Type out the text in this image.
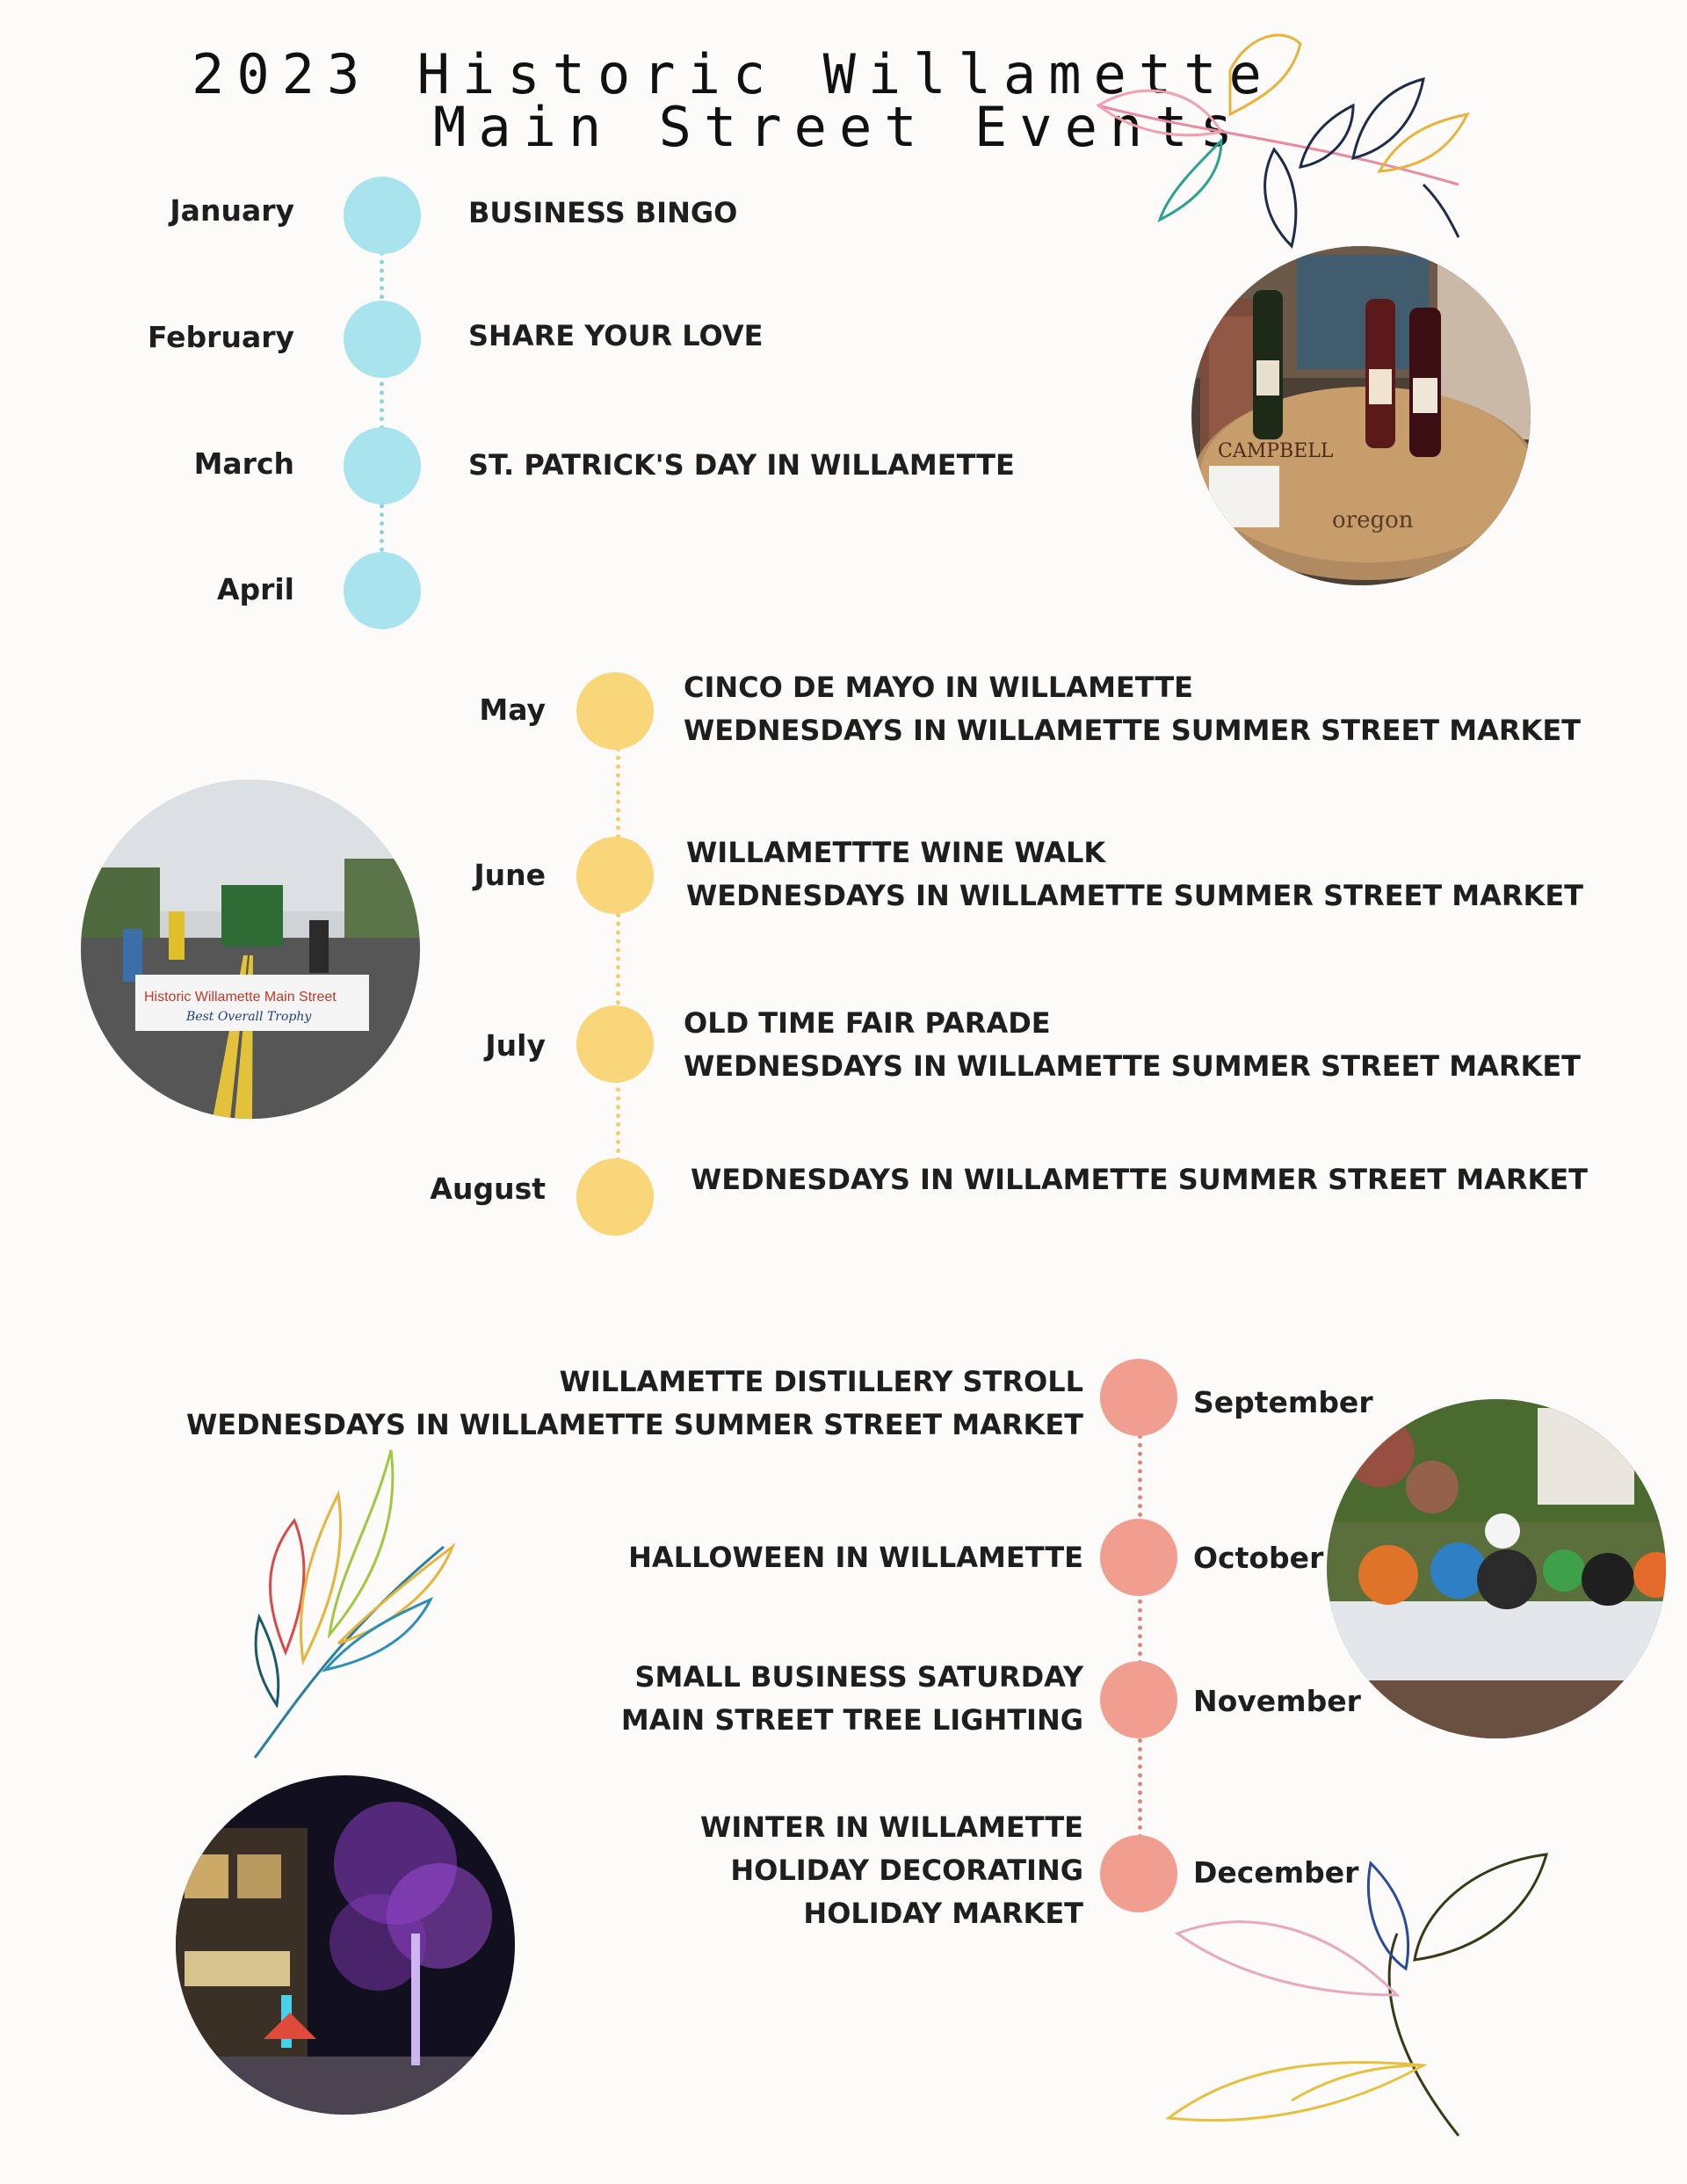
2023 Historic Willamette
Main Street Events
January
February
March
April
BUSINESS BINGO
SHARE YOUR LOVE
ST. PATRICK'S DAY IN WILLAMETTE
May
June
July
August
CINCO DE MAYO IN WILLAMETTE
WEDNESDAYS IN WILLAMETTE SUMMER STREET MARKET
WILLAMETTTE WINE WALK
WEDNESDAYS IN WILLAMETTE SUMMER STREET MARKET
OLD TIME FAIR PARADE
WEDNESDAYS IN WILLAMETTE SUMMER STREET MARKET
WEDNESDAYS IN WILLAMETTE SUMMER STREET MARKET
September
October
November
December
WILLAMETTE DISTILLERY STROLL
WEDNESDAYS IN WILLAMETTE SUMMER STREET MARKET
HALLOWEEN IN WILLAMETTE
SMALL BUSINESS SATURDAY
MAIN STREET TREE LIGHTING
WINTER IN WILLAMETTE
HOLIDAY DECORATING
HOLIDAY MARKET
oregon
CAMPBELL
Historic Willamette Main Street
Best Overall Trophy
